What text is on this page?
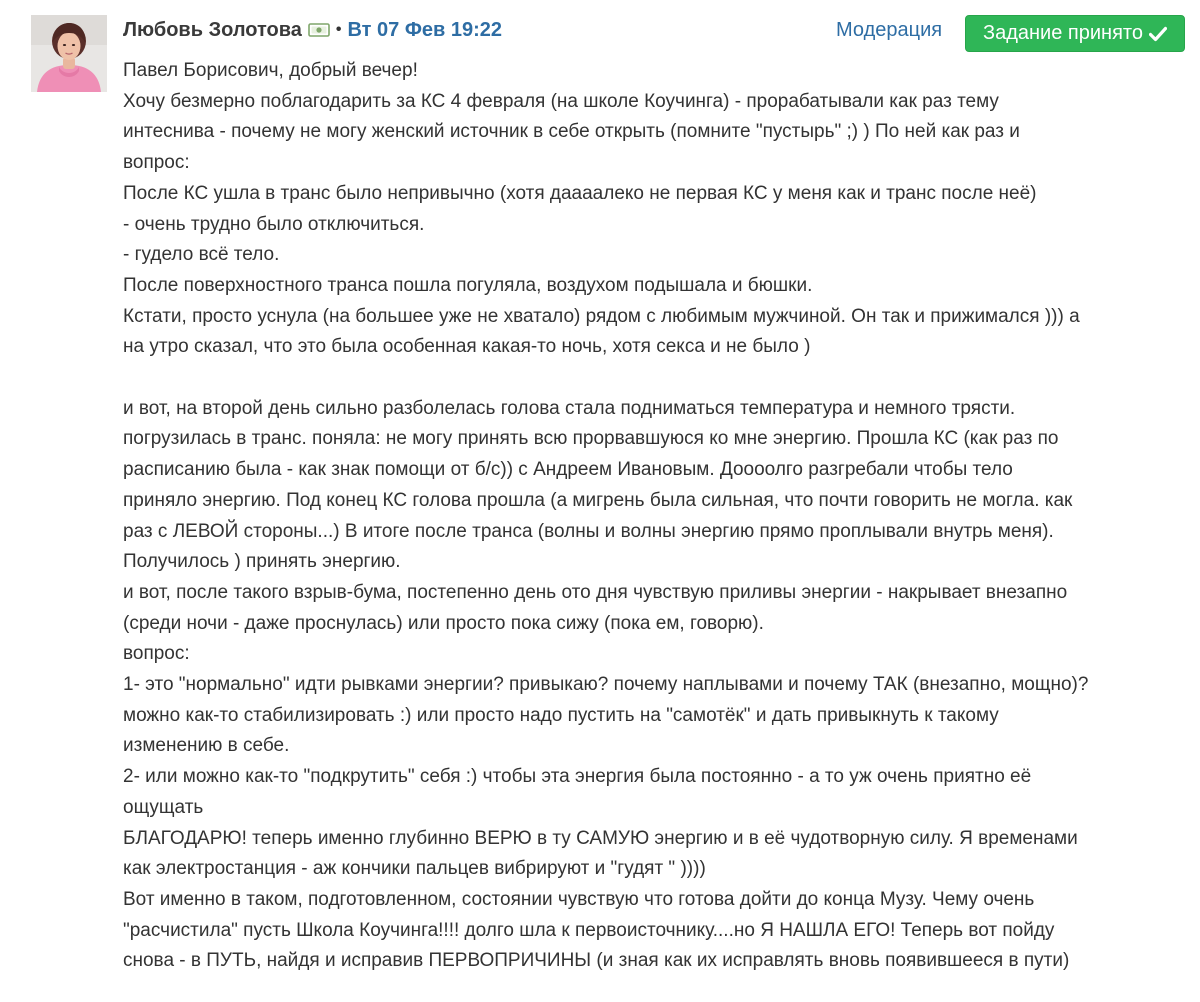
Любовь Золотова • Вт 07 Фев 19:22	Модерация Задание принято

Павел Борисович, добрый вечер!

Хочу безмерно поблагодарить за КС 4 февраля (на школе Коучинга) - прорабатывали как раз тему

интеснива - почему не могу женский источник в себе открыть (помните "пустырь" ;) ) По ней как раз и

вопрос:

После КС ушла в транс было непривычно (хотя даааалеко не первая КС у меня как и транс после неё)

- очень трудно было отключиться.

- гудело всё тело.

После поверхностного транса пошла погуляла, воздухом подышала и бюшки.

Кстати, просто уснула (на большее уже не хватало) рядом с любимым мужчиной. Он так и прижимался ))) а

на утро сказал, что это была особенная какая-то ночь, хотя секса и не было )

и вот, на второй день сильно разболелась голова стала подниматься температура и немного трясти.

погрузилась в транс. поняла: не могу принять всю прорвавшуюся ко мне энергию. Прошла КС (как раз по

расписанию была - как знак помощи от б/с)) с Андреем Ивановым. Доооолго разгребали чтобы тело

приняло энергию. Под конец КС голова прошла (а мигрень была сильная, что почти говорить не могла. как

раз с ЛЕВОЙ стороны...) В итоге после транса (волны и волны энергию прямо проплывали внутрь меня).

Получилось ) принять энергию.

и вот, после такого взрыв-бума, постепенно день ото дня чувствую приливы энергии - накрывает внезапно

(среди ночи - даже проснулась) или просто пока сижу (пока ем, говорю).

вопрос:

1- это "нормально" идти рывками энергии? привыкаю? почему наплывами и почему ТАК (внезапно, мощно)?

можно как-то стабилизировать :) или просто надо пустить на "самотёк" и дать привыкнуть к такому

изменению в себе.

2- или можно как-то "подкрутить" себя :) чтобы эта энергия была постоянно - а то уж очень приятно её

ощущать

БЛАГОДАРЮ! теперь именно глубинно ВЕРЮ в ту САМУЮ энергию и в её чудотворную силу. Я временами

как электростанция - аж кончики пальцев вибрируют и "гудят " ))))

Вот именно в таком, подготовленном, состоянии чувствую что готова дойти до конца Музу. Чему очень

"расчистила" пусть Школа Коучинга!!!! долго шла к первоисточнику....но Я НАШЛА ЕГО! Теперь вот пойду

снова - в ПУТЬ, найдя и исправив ПЕРВОПРИЧИНЫ (и зная как их исправлять вновь появившееся в пути)
